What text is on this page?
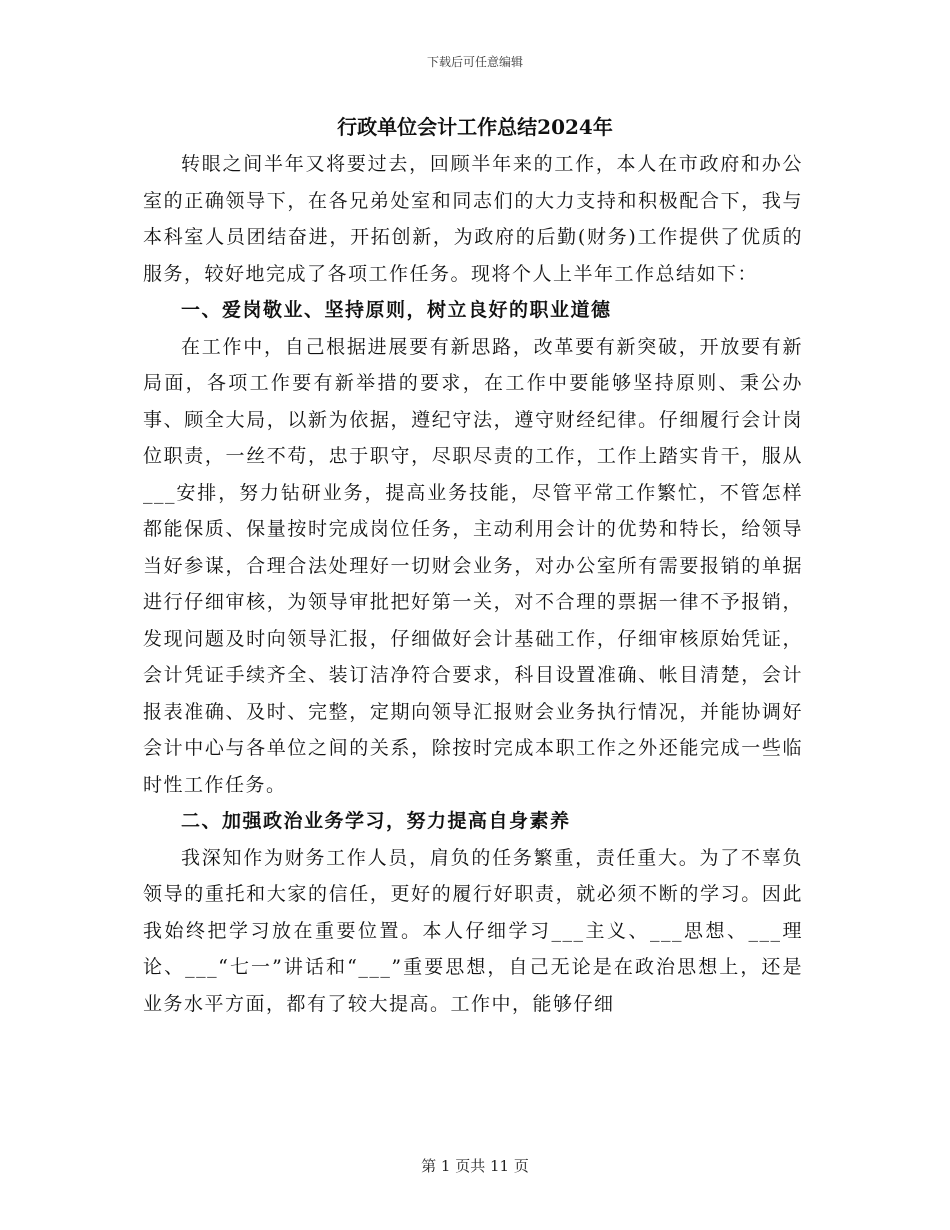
下载后可任意编辑
行政单位会计工作总结2024年

转眼之间半年又将要过去，回顾半年来的工作，本人在市政府和办公室的正确领导下，在各兄弟处室和同志们的大力支持和积极配合下，我与本科室人员团结奋进，开拓创新，为政府的后勤(财务)工作提供了优质的服务，较好地完成了各项工作任务。现将个人上半年工作总结如下：

一、爱岗敬业、坚持原则，树立良好的职业道德

在工作中，自己根据进展要有新思路，改革要有新突破，开放要有新局面，各项工作要有新举措的要求，在工作中要能够坚持原则、秉公办事、顾全大局，以新为依据，遵纪守法，遵守财经纪律。仔细履行会计岗位职责，一丝不苟，忠于职守，尽职尽责的工作，工作上踏实肯干，服从___安排，努力钻研业务，提高业务技能，尽管平常工作繁忙，不管怎样都能保质、保量按时完成岗位任务，主动利用会计的优势和特长，给领导当好参谋，合理合法处理好一切财会业务，对办公室所有需要报销的单据进行仔细审核，为领导审批把好第一关，对不合理的票据一律不予报销，发现问题及时向领导汇报，仔细做好会计基础工作，仔细审核原始凭证，会计凭证手续齐全、装订洁净符合要求，科目设置准确、帐目清楚，会计报表准确、及时、完整，定期向领导汇报财会业务执行情况，并能协调好会计中心与各单位之间的关系，除按时完成本职工作之外还能完成一些临时性工作任务。

二、加强政治业务学习，努力提高自身素养

我深知作为财务工作人员，肩负的任务繁重，责任重大。为了不辜负领导的重托和大家的信任，更好的履行好职责，就必须不断的学习。因此我始终把学习放在重要位置。本人仔细学习___主义、___思想、___理论、___“七一”讲话和“___”重要思想，自己无论是在政治思想上，还是业务水平方面，都有了较大提高。工作中，能够仔细

第 1 页共 11 页
